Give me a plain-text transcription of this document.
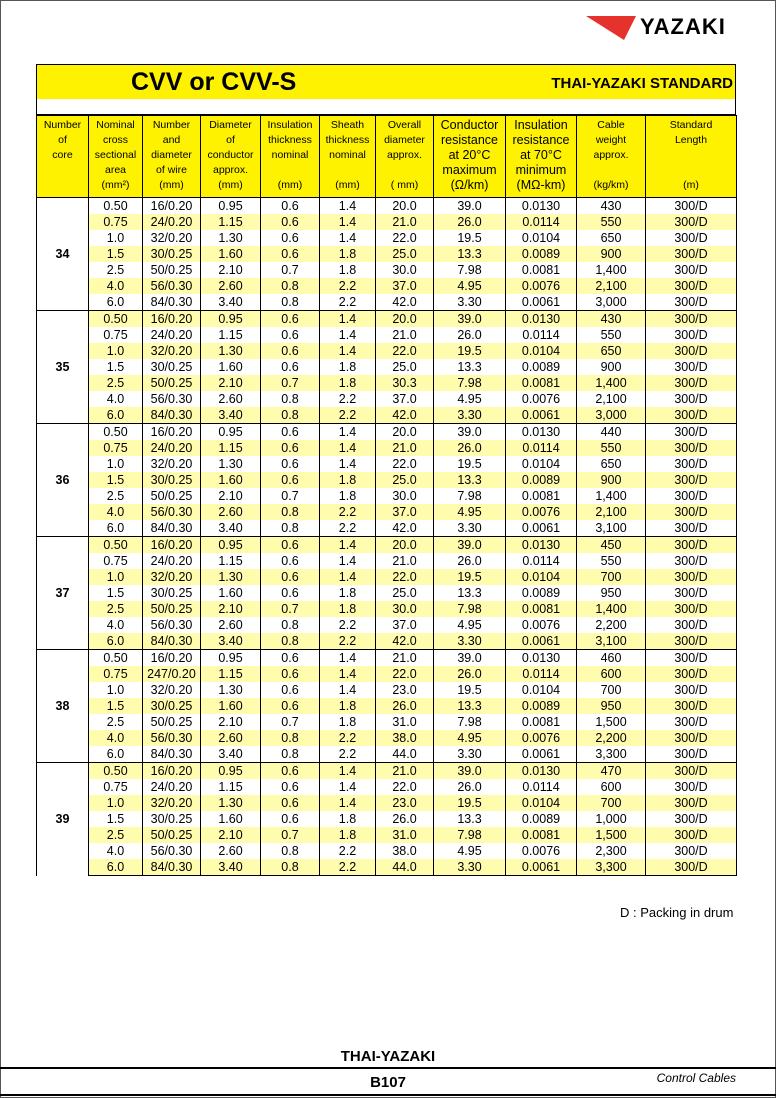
YAZAKI
CVV or CVV-S	THAI-YAZAKI STANDARD
Number
of
core	Nominal
cross
sectional
area
(mm²)	Number
and
diameter
of wire
(mm)	Diameter
of
conductor
approx.
(mm)	Insulation
thickness
nominal

(mm)	Sheath
thickness
nominal

(mm)	Overall
diameter
approx.

( mm)	Conductor
resistance
at 20°C
maximum
(Ω/km)	Insulation
resistance
at 70°C
minimum
(MΩ-km)	Cable
weight
approx.

(kg/km)	Standard
Length

(m)

34	0.50	16/0.20	0.95	0.6	1.4	20.0	39.0	0.0130	430	300/D
	0.75	24/0.20	1.15	0.6	1.4	21.0	26.0	0.0114	550	300/D
	1.0	32/0.20	1.30	0.6	1.4	22.0	19.5	0.0104	650	300/D
	1.5	30/0.25	1.60	0.6	1.8	25.0	13.3	0.0089	900	300/D
	2.5	50/0.25	2.10	0.7	1.8	30.0	7.98	0.0081	1,400	300/D
	4.0	56/0.30	2.60	0.8	2.2	37.0	4.95	0.0076	2,100	300/D
	6.0	84/0.30	3.40	0.8	2.2	42.0	3.30	0.0061	3,000	300/D
35	0.50	16/0.20	0.95	0.6	1.4	20.0	39.0	0.0130	430	300/D
	0.75	24/0.20	1.15	0.6	1.4	21.0	26.0	0.0114	550	300/D
	1.0	32/0.20	1.30	0.6	1.4	22.0	19.5	0.0104	650	300/D
	1.5	30/0.25	1.60	0.6	1.8	25.0	13.3	0.0089	900	300/D
	2.5	50/0.25	2.10	0.7	1.8	30.3	7.98	0.0081	1,400	300/D
	4.0	56/0.30	2.60	0.8	2.2	37.0	4.95	0.0076	2,100	300/D
	6.0	84/0.30	3.40	0.8	2.2	42.0	3.30	0.0061	3,000	300/D
36	0.50	16/0.20	0.95	0.6	1.4	20.0	39.0	0.0130	440	300/D
	0.75	24/0.20	1.15	0.6	1.4	21.0	26.0	0.0114	550	300/D
	1.0	32/0.20	1.30	0.6	1.4	22.0	19.5	0.0104	650	300/D
	1.5	30/0.25	1.60	0.6	1.8	25.0	13.3	0.0089	900	300/D
	2.5	50/0.25	2.10	0.7	1.8	30.0	7.98	0.0081	1,400	300/D
	4.0	56/0.30	2.60	0.8	2.2	37.0	4.95	0.0076	2,100	300/D
	6.0	84/0.30	3.40	0.8	2.2	42.0	3.30	0.0061	3,100	300/D
37	0.50	16/0.20	0.95	0.6	1.4	20.0	39.0	0.0130	450	300/D
	0.75	24/0.20	1.15	0.6	1.4	21.0	26.0	0.0114	550	300/D
	1.0	32/0.20	1.30	0.6	1.4	22.0	19.5	0.0104	700	300/D
	1.5	30/0.25	1.60	0.6	1.8	25.0	13.3	0.0089	950	300/D
	2.5	50/0.25	2.10	0.7	1.8	30.0	7.98	0.0081	1,400	300/D
	4.0	56/0.30	2.60	0.8	2.2	37.0	4.95	0.0076	2,200	300/D
	6.0	84/0.30	3.40	0.8	2.2	42.0	3.30	0.0061	3,100	300/D
38	0.50	16/0.20	0.95	0.6	1.4	21.0	39.0	0.0130	460	300/D
	0.75	247/0.20	1.15	0.6	1.4	22.0	26.0	0.0114	600	300/D
	1.0	32/0.20	1.30	0.6	1.4	23.0	19.5	0.0104	700	300/D
	1.5	30/0.25	1.60	0.6	1.8	26.0	13.3	0.0089	950	300/D
	2.5	50/0.25	2.10	0.7	1.8	31.0	7.98	0.0081	1,500	300/D
	4.0	56/0.30	2.60	0.8	2.2	38.0	4.95	0.0076	2,200	300/D
	6.0	84/0.30	3.40	0.8	2.2	44.0	3.30	0.0061	3,300	300/D
39	0.50	16/0.20	0.95	0.6	1.4	21.0	39.0	0.0130	470	300/D
	0.75	24/0.20	1.15	0.6	1.4	22.0	26.0	0.0114	600	300/D
	1.0	32/0.20	1.30	0.6	1.4	23.0	19.5	0.0104	700	300/D
	1.5	30/0.25	1.60	0.6	1.8	26.0	13.3	0.0089	1,000	300/D
	2.5	50/0.25	2.10	0.7	1.8	31.0	7.98	0.0081	1,500	300/D
	4.0	56/0.30	2.60	0.8	2.2	38.0	4.95	0.0076	2,300	300/D
	6.0	84/0.30	3.40	0.8	2.2	44.0	3.30	0.0061	3,300	300/D
D : Packing in drum
THAI-YAZAKI
B107	Control Cables
